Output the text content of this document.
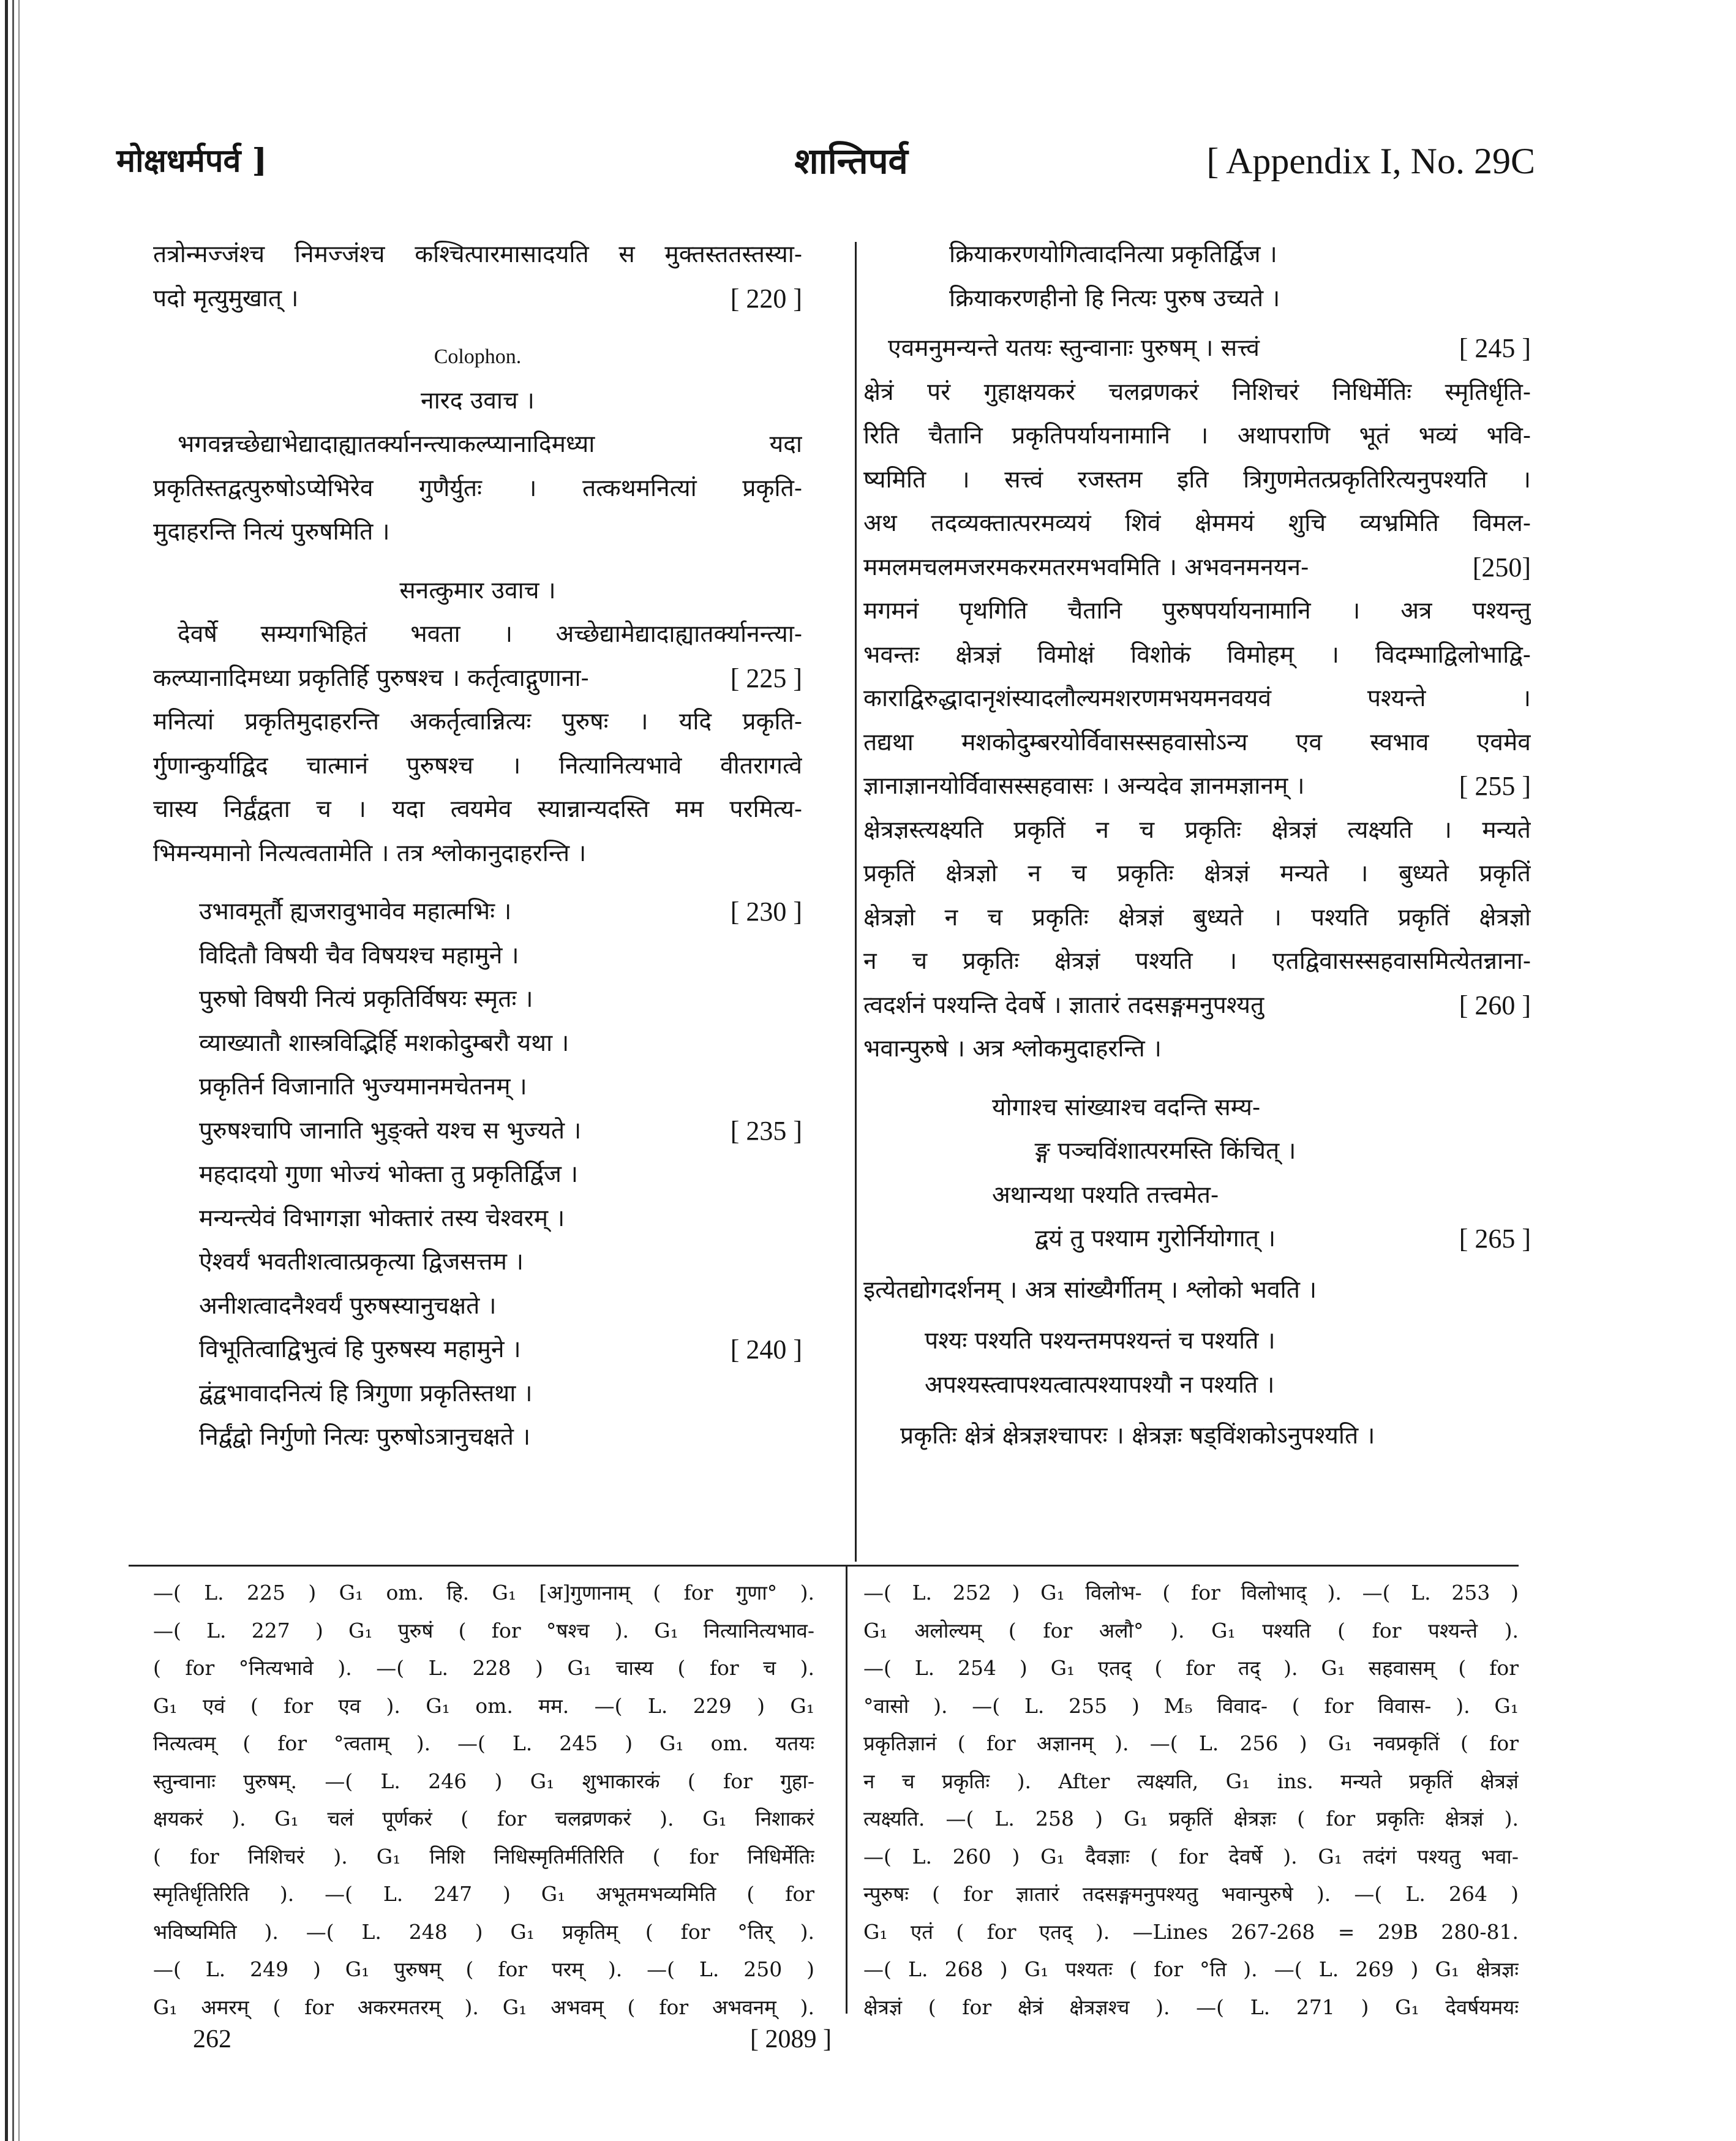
मोक्षधर्मपर्व ]	शान्तिपर्व	[ Appendix I, No. 29C
तत्रोन्मज्जंश्च निमज्जंश्च कश्चित्पारमासादयति स मुक्तस्ततस्तस्या-
पदो मृत्युमुखात् ।	[ 220 ]
Colophon.
नारद उवाच ।
भगवन्नच्छेद्याभेद्यादाह्यातर्क्यानन्त्याकल्प्यानादिमध्या यदा
प्रकृतिस्तद्वत्पुरुषोऽप्येभिरेव गुणैर्युतः । तत्कथमनित्यां प्रकृति-
मुदाहरन्ति नित्यं पुरुषमिति ।
सनत्कुमार उवाच ।
देवर्षे सम्यगभिहितं भवता । अच्छेद्यामेद्यादाह्यातर्क्यानन्त्या-
कल्प्यानादिमध्या प्रकृतिर्हि पुरुषश्च । कर्तृत्वाद्गुणाना-	[ 225 ]
मनित्यां प्रकृतिमुदाहरन्ति अकर्तृत्वान्नित्यः पुरुषः । यदि प्रकृति-
र्गुणान्कुर्याद्विद चात्मानं पुरुषश्च । नित्यानित्यभावे वीतरागत्वे
चास्य निर्द्वंद्वता च । यदा त्वयमेव स्यान्नान्यदस्ति मम परमित्य-
भिमन्यमानो नित्यत्वतामेति । तत्र श्लोकानुदाहरन्ति ।
उभावमूर्तौ ह्यजरावुभावेव महात्मभिः ।	[ 230 ]
विदितौ विषयी चैव विषयश्च महामुने ।
पुरुषो विषयी नित्यं प्रकृतिर्विषयः स्मृतः ।
व्याख्यातौ शास्त्रविद्भिर्हि मशकोदुम्बरौ यथा ।
प्रकृतिर्न विजानाति भुज्यमानमचेतनम् ।
पुरुषश्चापि जानाति भुङ्क्ते यश्च स भुज्यते ।	[ 235 ]
महदादयो गुणा भोज्यं भोक्ता तु प्रकृतिर्द्विज ।
मन्यन्त्येवं विभागज्ञा भोक्तारं तस्य चेश्वरम् ।
ऐश्वर्यं भवतीशत्वात्प्रकृत्या द्विजसत्तम ।
अनीशत्वादनैश्वर्यं पुरुषस्यानुचक्षते ।
विभूतित्वाद्विभुत्वं हि पुरुषस्य महामुने ।	[ 240 ]
द्वंद्वभावादनित्यं हि त्रिगुणा प्रकृतिस्तथा ।
निर्द्वंद्वो निर्गुणो नित्यः पुरुषोऽत्रानुचक्षते ।
क्रियाकरणयोगित्वादनित्या प्रकृतिर्द्विज ।
क्रियाकरणहीनो हि नित्यः पुरुष उच्यते ।
एवमनुमन्यन्ते यतयः स्तुन्वानाः पुरुषम् । सत्त्वं	[ 245 ]
क्षेत्रं परं गुहाक्षयकरं चलव्रणकरं निशिचरं निधिर्मेतिः स्मृतिर्धृति-
रिति चैतानि प्रकृतिपर्यायनामानि । अथापराणि भूतं भव्यं भवि-
ष्यमिति । सत्त्वं रजस्तम इति त्रिगुणमेतत्प्रकृतिरित्यनुपश्यति ।
अथ तदव्यक्तात्परमव्ययं शिवं क्षेममयं शुचि व्यभ्रमिति विमल-
ममलमचलमजरमकरमतरमभवमिति । अभवनमनयन-	[250]
मगमनं पृथगिति चैतानि पुरुषपर्यायनामानि । अत्र पश्यन्तु
भवन्तः क्षेत्रज्ञं विमोक्षं विशोकं विमोहम् । विदम्भाद्विलोभाद्वि-
काराद्विरुद्धादानृशंस्यादलौल्यमशरणमभयमनवयवं पश्यन्ते ।
तद्यथा मशकोदुम्बरयोर्विवासस्सहवासोऽन्य एव स्वभाव एवमेव
ज्ञानाज्ञानयोर्विवासस्सहवासः । अन्यदेव ज्ञानमज्ञानम् ।	[ 255 ]
क्षेत्रज्ञस्त्यक्ष्यति प्रकृतिं न च प्रकृतिः क्षेत्रज्ञं त्यक्ष्यति । मन्यते
प्रकृतिं क्षेत्रज्ञो न च प्रकृतिः क्षेत्रज्ञं मन्यते । बुध्यते प्रकृतिं
क्षेत्रज्ञो न च प्रकृतिः क्षेत्रज्ञं बुध्यते । पश्यति प्रकृतिं क्षेत्रज्ञो
न च प्रकृतिः क्षेत्रज्ञं पश्यति । एतद्विवासस्सहवासमित्येतन्नाना-
त्वदर्शनं पश्यन्ति देवर्षे । ज्ञातारं तदसङ्गमनुपश्यतु	[ 260 ]
भवान्पुरुषे । अत्र श्लोकमुदाहरन्ति ।
योगाश्च सांख्याश्च वदन्ति सम्य-
ङ्ग पञ्चविंशात्परमस्ति किंचित् ।
अथान्यथा पश्यति तत्त्वमेत-
द्वयं तु पश्याम गुरोर्नियोगात् ।	[ 265 ]
इत्येतद्योगदर्शनम् । अत्र सांख्यैर्गीतम् । श्लोको भवति ।
पश्यः पश्यति पश्यन्तमपश्यन्तं च पश्यति ।
अपश्यस्त्वापश्यत्वात्पश्यापश्यौ न पश्यति ।
प्रकृतिः क्षेत्रं क्षेत्रज्ञश्चापरः । क्षेत्रज्ञः षड्विंशकोऽनुपश्यति ।
—( L. 225 ) G₁ om. हि. G₁ [अ]गुणानाम् ( for गुणा° ).
—( L. 227 ) G₁ पुरुषं ( for °षश्च ). G₁ नित्यानित्यभाव-
( for °नित्यभावे ). —( L. 228 ) G₁ चास्य ( for च ).
G₁ एवं ( for एव ). G₁ om. मम. —( L. 229 ) G₁
नित्यत्वम् ( for °त्वताम् ). —( L. 245 ) G₁ om. यतयः
स्तुन्वानाः पुरुषम्. —( L. 246 ) G₁ शुभाकारकं ( for गुहा-
क्षयकरं ). G₁ चलं पूर्णकरं ( for चलव्रणकरं ). G₁ निशाकरं
( for निशिचरं ). G₁ निशि निधिस्मृतिर्मतिरिति ( for निधिर्मेतिः
स्मृतिर्धृतिरिति ). —( L. 247 ) G₁ अभूतमभव्यमिति ( for
भविष्यमिति ). —( L. 248 ) G₁ प्रकृतिम् ( for °तिर् ).
—( L. 249 ) G₁ पुरुषम् ( for परम् ). —( L. 250 )
G₁ अमरम् ( for अकरमतरम् ). G₁ अभवम् ( for अभवनम् ).
—( L. 252 ) G₁ विलोभ- ( for विलोभाद् ). —( L. 253 )
G₁ अलोल्यम् ( for अलौ° ). G₁ पश्यति ( for पश्यन्ते ).
—( L. 254 ) G₁ एतद् ( for तद् ). G₁ सहवासम् ( for
°वासो ). —( L. 255 ) M₅ विवाद- ( for विवास- ). G₁
प्रकृतिज्ञानं ( for अज्ञानम् ). —( L. 256 ) G₁ नवप्रकृतिं ( for
न च प्रकृतिः ). After त्यक्ष्यति, G₁ ins. मन्यते प्रकृतिं क्षेत्रज्ञं
त्यक्ष्यति. —( L. 258 ) G₁ प्रकृतिं क्षेत्रज्ञः ( for प्रकृतिः क्षेत्रज्ञं ).
—( L. 260 ) G₁ दैवज्ञाः ( for देवर्षे ). G₁ तदंगं पश्यतु भवा-
न्पुरुषः ( for ज्ञातारं तदसङ्गमनुपश्यतु भवान्पुरुषे ). —( L. 264 )
G₁ एतं ( for एतद् ). —Lines 267-268 = 29B 280-81.
—( L. 268 ) G₁ पश्यतः ( for °ति ). —( L. 269 ) G₁ क्षेत्रज्ञः
क्षेत्रज्ञं ( for क्षेत्रं क्षेत्रज्ञश्च ). —( L. 271 ) G₁ देवर्षयमयः
262	[ 2089 ]
